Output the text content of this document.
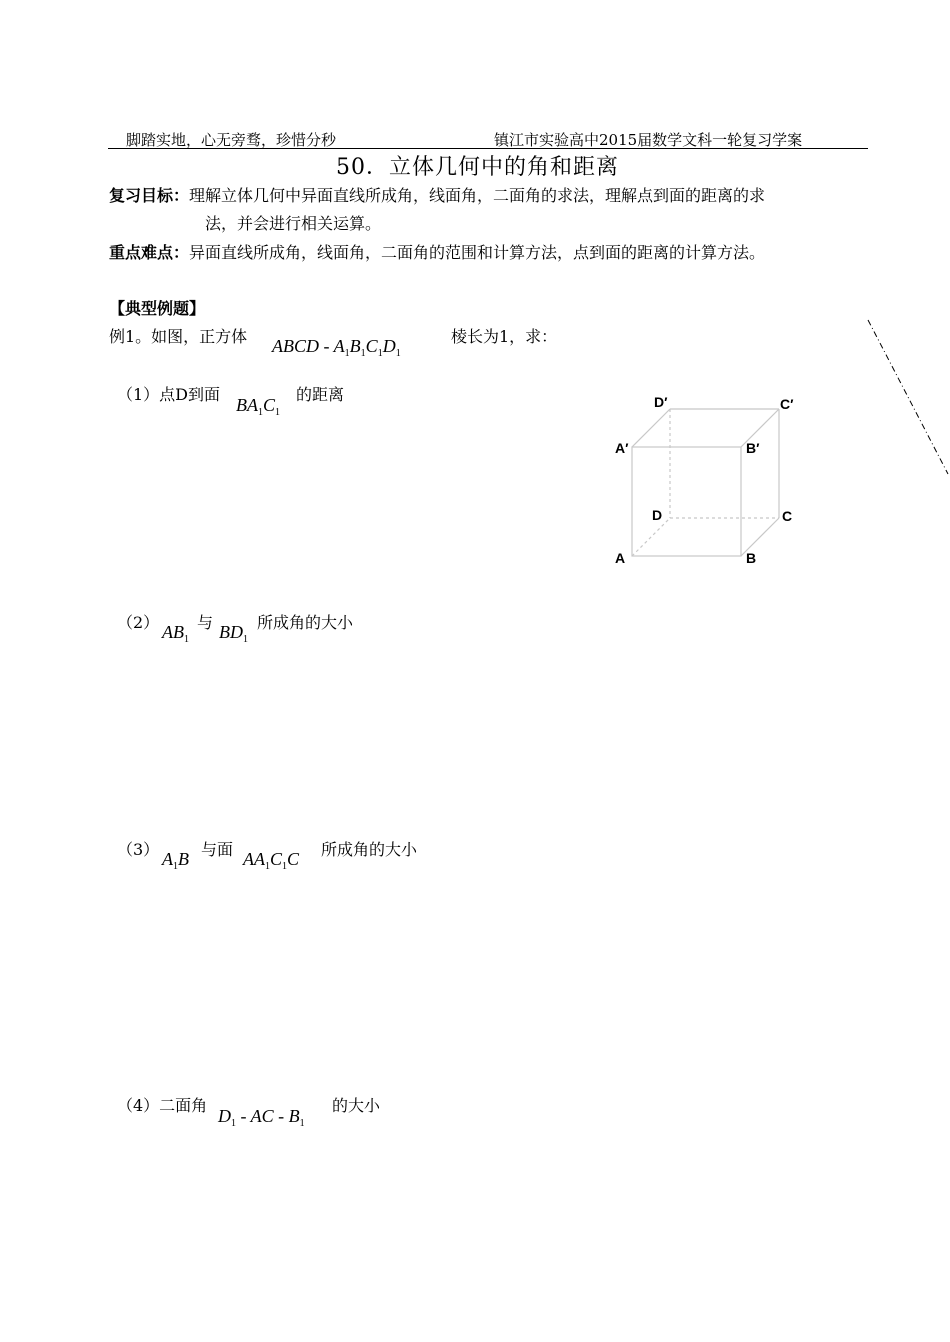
脚踏实地，心无旁骛，珍惜分秒	镇江市实验高中2015届数学文科一轮复习学案
50．立体几何中的角和距离
复习目标：理解立体几何中异面直线所成角，线面角，二面角的求法，理解点到面的距离的求
法，并会进行相关运算。
重点难点：异面直线所成角，线面角，二面角的范围和计算方法，点到面的距离的计算方法。
【典型例题】
例1。如图，正方体 ABCD - $A_1B_1C_1D_1$
棱长为1，求：
（1）点D到面
$BA_1C_1$
的距离
（2） $AB_1$
与 $BD_1$
所成角的大小
（3） $A_1B$ 与面 $AA_1C_1C$ 所成角的大小
（4）二面角
$D_1$ - AC - $B_1$
的大小
D′	C′
A′	B′
D	C
A	B
